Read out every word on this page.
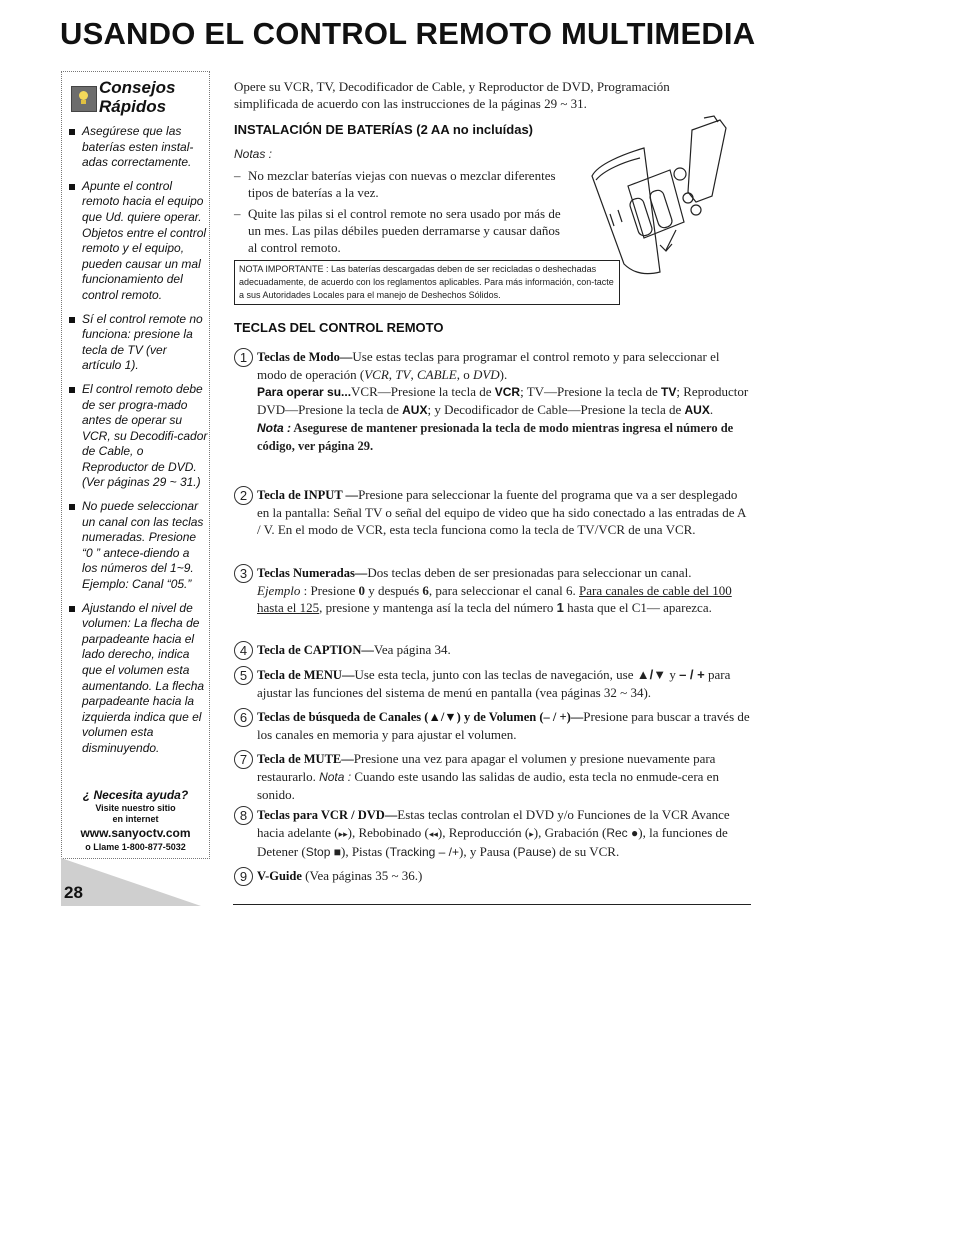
USANDO EL CONTROL REMOTO MULTIMEDIA
Consejos
Rápidos
Asegúrese que las baterías esten instal-adas correctamente.
Apunte el control remoto hacia el equipo que Ud. quiere operar. Objetos entre el control remoto y el equipo, pueden causar un mal funcionamiento del control remoto.
Sí el control remote no funciona: presione la tecla de TV (ver artículo 1).
El control remoto debe de ser progra-mado antes de operar su VCR, su Decodifi-cador de Cable, o Reproductor de DVD. (Ver páginas 29 ~ 31.)
No puede seleccionar un canal con las teclas numeradas. Presione “0 ” antece-diendo a los números del 1~9. Ejemplo: Canal “05.”
Ajustando el nivel de volumen: La flecha de parpadeante hacia el lado derecho, indica que el volumen esta aumentando. La flecha parpadeante hacia la izquierda indica que el volumen esta disminuyendo.
¿ Necesita ayuda?
Visite nuestro sitio
en internet
www.sanyoctv.com
o Llame 1-800-877-5032
28
Opere su VCR, TV, Decodificador de Cable, y Reproductor de DVD, Programación simplificada de acuerdo con las instrucciones de la páginas 29 ~ 31.
INSTALACIÓN DE BATERÍAS (2 AA no incluídas)
Notas :
– No mezclar baterías viejas con nuevas o mezclar diferentes tipos de baterías a la vez.
– Quite las pilas si el control remote no sera usado por más de un mes. Las pilas débiles pueden derramarse y causar daños al control remoto.
NOTA IMPORTANTE : Las baterías descargadas deben de ser recicladas o deshechadas adecuadamente, de acuerdo con los reglamentos aplicables. Para más información, con-tacte a sus Autoridades Locales para el manejo de Deshechos Sólidos.
TECLAS DEL CONTROL REMOTO
1 Teclas de Modo—Use estas teclas para programar el control remoto y para seleccionar el modo de operación (VCR, TV, CABLE, o DVD).
Para operar su...VCR—Presione la tecla de VCR; TV—Presione la tecla de TV; Reproductor DVD—Presione la tecla de AUX; y Decodificador de Cable—Presione la tecla de AUX.
Nota : Asegurese de mantener presionada la tecla de modo mientras ingresa el número de código, ver página 29.
2 Tecla de INPUT —Presione para seleccionar la fuente del programa que va a ser desplegado en la pantalla: Señal TV o señal del equipo de video que ha sido conectado a las entradas de A / V. En el modo de VCR, esta tecla funciona como la tecla de TV/VCR de una VCR.
3 Teclas Numeradas—Dos teclas deben de ser presionadas para seleccionar un canal.
Ejemplo : Presione 0 y después 6, para seleccionar el canal 6. Para canales de cable del 100 hasta el 125, presione y mantenga así la tecla del número 1 hasta que el C1–– aparezca.
4 Tecla de CAPTION—Vea página 34.
5 Tecla de MENU—Use esta tecla, junto con las teclas de navegación, use ▲/▼ y – / + para ajustar las funciones del sistema de menú en pantalla (vea páginas 32 ~ 34).
6 Teclas de búsqueda de Canales (▲/▼) y de Volumen (– / +)—Presione para buscar a través de los canales en memoria y para ajustar el volumen.
7 Tecla de MUTE—Presione una vez para apagar el volumen y presione nuevamente para restaurarlo. Nota : Cuando este usando las salidas de audio, esta tecla no enmude-cera en sonido.
8 Teclas para VCR / DVD—Estas teclas controlan el DVD y/o Funciones de la VCR Avance hacia adelante (▸▸), Rebobinado (◂◂), Reproducción (▸), Grabación (Rec ●), la funciones de Detener (Stop ■), Pistas (Tracking – /+), y Pausa (Pause) de su VCR.
9 V-Guide (Vea páginas 35 ~ 36.)
